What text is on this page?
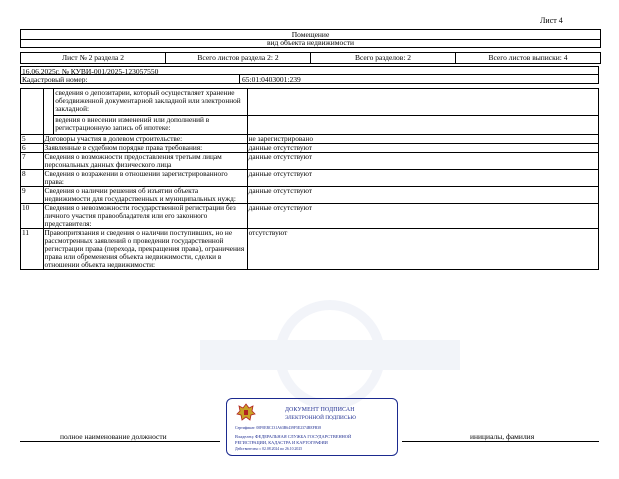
Лист 4
Помещение
вид объекта недвижимости
Лист № 2 раздела 2	Всего листов раздела 2: 2	Всего разделов: 2	Всего листов выписки: 4
16.06.2025г. № КУВИ-001/2025-123057550
Кадастровый номер:	65:01:0403001:239
		сведения о депозитарии, который осуществляет хранение обездвиженной документарной закладной или электронной закладной:	
		ведения о внесении изменений или дополнений в регистрационную запись об ипотеке:	
5	Договоры участия в долевом строительстве:		не зарегистрировано
6	Заявленные в судебном порядке права требования:		данные отсутствуют
7	Сведения о возможности предоставления третьим лицам персональных данных физического лица		данные отсутствуют
8	Сведения о возражении в отношении зарегистрированного права:		данные отсутствуют
9	Сведения о наличии решения об изъятии объекта недвижимости для государственных и муниципальных нужд:		данные отсутствуют
10	Сведения о невозможности государственной регистрации без личного участия правообладателя или его законного представителя:		данные отсутствуют
11	Правопритязания и сведения о наличии поступивших, но не рассмотренных заявлений о проведении государственной регистрации права (перехода, прекращения права), ограничения права или обременения объекта недвижимости, сделки в отношении объекта недвижимости:		отсутствуют
полное наименование должности	инициалы, фамилия
ДОКУМЕНТ ПОДПИСАН
ЭЛЕКТРОННОЙ ПОДПИСЬЮ
Сертификат: 00F0ЕBC131A63B6439F5E2374BEFB38
Владелец: ФЕДЕРАЛЬНАЯ СЛУЖБА ГОСУДАРСТВЕННОЙ
РЕГИСТРАЦИИ, КАДАСТРА И КАРТОГРАФИИ
Действителен: с 02.08.2024 по 26.10.2025
